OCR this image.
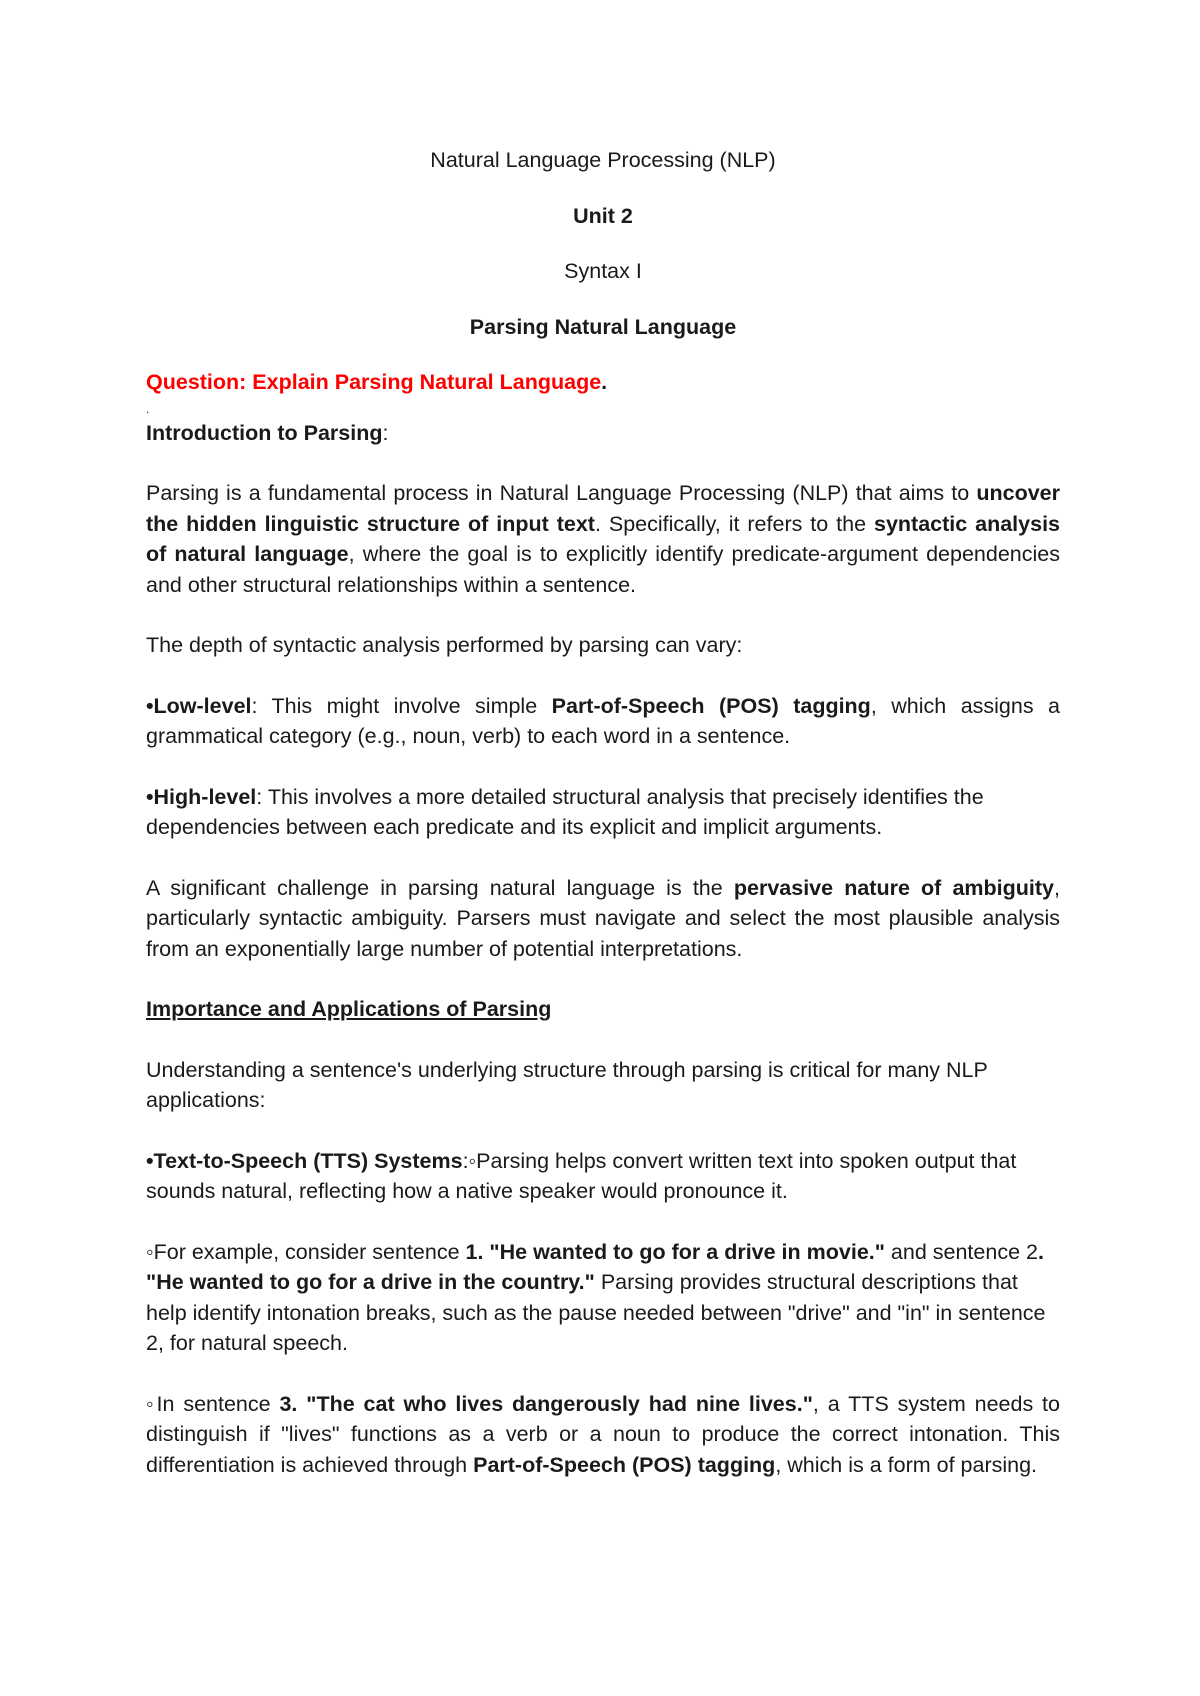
Natural Language Processing (NLP)

Unit 2

Syntax I

Parsing Natural Language

Question: Explain Parsing Natural Language.

.

Introduction to Parsing:

Parsing is a fundamental process in Natural Language Processing (NLP) that aims to uncover the hidden linguistic structure of input text. Specifically, it refers to the syntactic analysis of natural language, where the goal is to explicitly identify predicate-argument dependencies and other structural relationships within a sentence.

The depth of syntactic analysis performed by parsing can vary:

•Low-level: This might involve simple Part-of-Speech (POS) tagging, which assigns a grammatical category (e.g., noun, verb) to each word in a sentence.

•High-level: This involves a more detailed structural analysis that precisely identifies the dependencies between each predicate and its explicit and implicit arguments.

A significant challenge in parsing natural language is the pervasive nature of ambiguity, particularly syntactic ambiguity. Parsers must navigate and select the most plausible analysis from an exponentially large number of potential interpretations.

Importance and Applications of Parsing

Understanding a sentence's underlying structure through parsing is critical for many NLP applications:

•Text-to-Speech (TTS) Systems:◦Parsing helps convert written text into spoken output that sounds natural, reflecting how a native speaker would pronounce it.

◦For example, consider sentence 1. "He wanted to go for a drive in movie." and sentence 2. "He wanted to go for a drive in the country." Parsing provides structural descriptions that help identify intonation breaks, such as the pause needed between "drive" and "in" in sentence 2, for natural speech.

◦In sentence 3. "The cat who lives dangerously had nine lives.", a TTS system needs to distinguish if "lives" functions as a verb or a noun to produce the correct intonation. This differentiation is achieved through Part-of-Speech (POS) tagging, which is a form of parsing.
